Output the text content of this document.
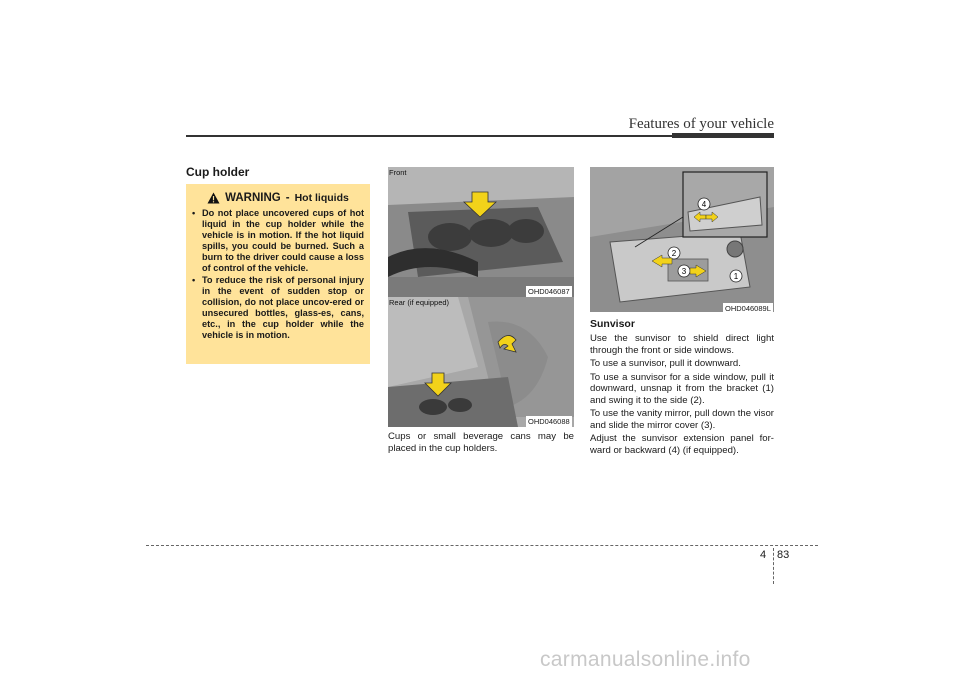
Features of your vehicle
Cup holder
WARNING - Hot liquids
• Do not place uncovered cups of hot liquid in the cup holder while the vehicle is in motion. If the hot liquid spills, you could be burned. Such a burn to the driver could cause a loss of control of the vehicle.
• To reduce the risk of personal injury in the event of sudden stop or collision, do not place uncov-ered or unsecured bottles, glass-es, cans, etc., in the cup holder while the vehicle is in motion.
Front
OHD046087
Rear (if equipped)
OHD046088
Cups or small beverage cans may be placed in the cup holders.
4
2
3
1
OHD046089L
Sunvisor

Use the sunvisor to shield direct light through the front or side windows.

To use a sunvisor, pull it downward.

To use a sunvisor for a side window, pull it downward, unsnap it from the bracket (1) and swing it to the side (2).

To use the vanity mirror, pull down the visor and slide the mirror cover (3).

Adjust the sunvisor extension panel for-ward or backward (4) (if equipped).

4 83
carmanualsonline.info
